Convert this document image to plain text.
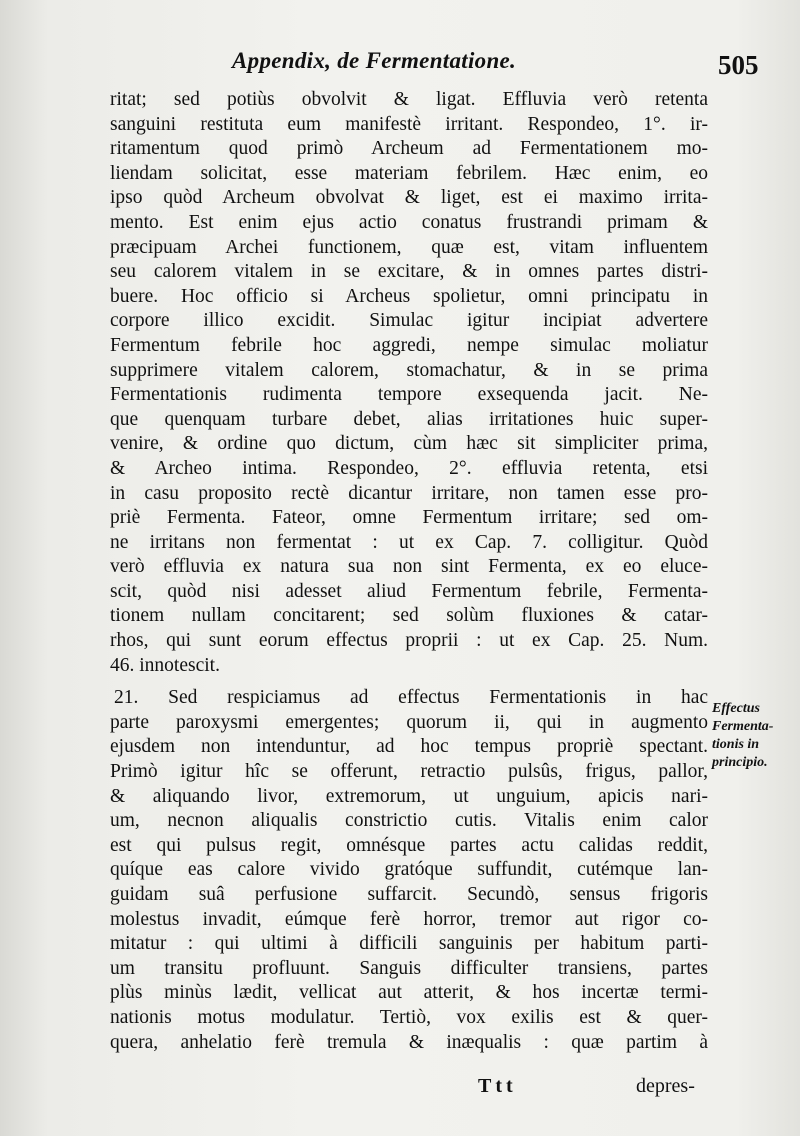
Appendix, de Fermentatione.	505
ritat; sed potiùs obvolvit & ligat. Effluvia verò retenta
sanguini restituta eum manifestè irritant. Respondeo, 1°. ir-
ritamentum quod primò Archeum ad Fermentationem mo-
liendam solicitat, esse materiam febrilem. Hæc enim, eo
ipso quòd Archeum obvolvat & liget, est ei maximo irrita-
mento. Est enim ejus actio conatus frustrandi primam &
præcipuam Archei functionem, quæ est, vitam influentem
seu calorem vitalem in se excitare, & in omnes partes distri-
buere. Hoc officio si Archeus spolietur, omni principatu in
corpore illico excidit. Simulac igitur incipiat advertere
Fermentum febrile hoc aggredi, nempe simulac moliatur
supprimere vitalem calorem, stomachatur, & in se prima
Fermentationis rudimenta tempore exsequenda jacit. Ne-
que quenquam turbare debet, alias irritationes huic super-
venire, & ordine quo dictum, cùm hæc sit simpliciter prima,
& Archeo intima. Respondeo, 2°. effluvia retenta, etsi
in casu proposito rectè dicantur irritare, non tamen esse pro-
priè Fermenta. Fateor, omne Fermentum irritare; sed om-
ne irritans non fermentat : ut ex Cap. 7. colligitur. Quòd
verò effluvia ex natura sua non sint Fermenta, ex eo eluce-
scit, quòd nisi adesset aliud Fermentum febrile, Fermenta-
tionem nullam concitarent; sed solùm fluxiones & catar-
rhos, qui sunt eorum effectus proprii : ut ex Cap. 25. Num.
46. innotescit.
21. Sed respiciamus ad effectus Fermentationis in hac
parte paroxysmi emergentes; quorum ii, qui in augmento
ejusdem non intenduntur, ad hoc tempus propriè spectant.
Primò igitur hîc se offerunt, retractio pulsûs, frigus, pallor,
& aliquando livor, extremorum, ut unguium, apicis nari-
um, necnon aliqualis constrictio cutis. Vitalis enim calor
est qui pulsus regit, omnésque partes actu calidas reddit,
quíque eas calore vivido gratóque suffundit, cutémque lan-
guidam suâ perfusione suffarcit. Secundò, sensus frigoris
molestus invadit, eúmque ferè horror, tremor aut rigor co-
mitatur : qui ultimi à difficili sanguinis per habitum parti-
um transitu profluunt. Sanguis difficulter transiens, partes
plùs minùs lædit, vellicat aut atterit, & hos incertæ termi-
nationis motus modulatur. Tertiò, vox exilis est & quer-
quera, anhelatio ferè tremula & inæqualis : quæ partim à
Effectus
Fermenta-
tionis in
principio.
Ttt	depres-
